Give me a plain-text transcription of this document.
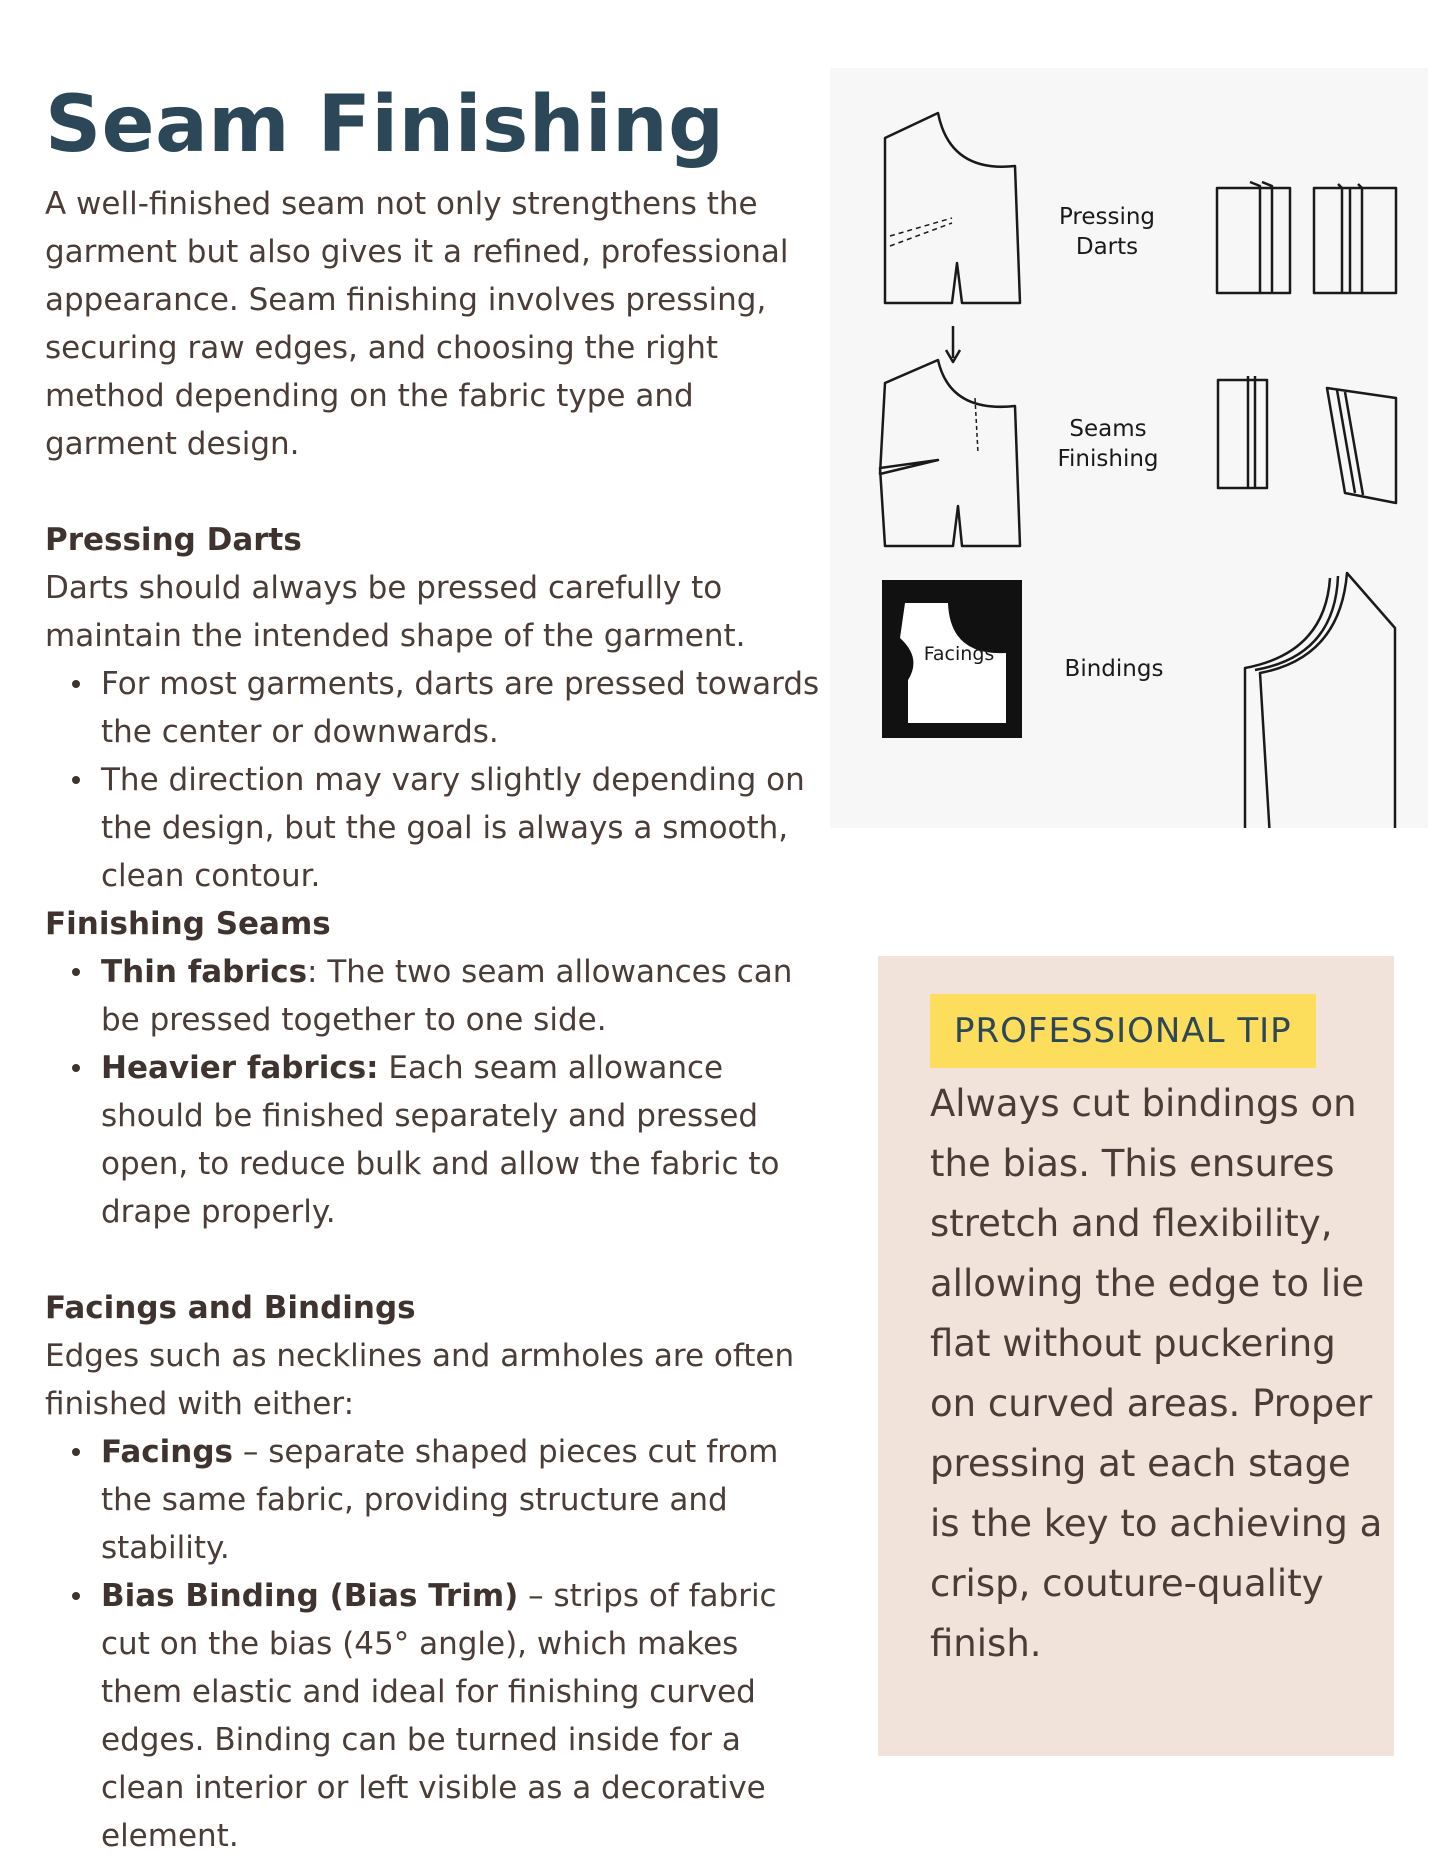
Seam Finishing

A well-finished seam not only strengthens the garment but also gives it a refined, professional appearance. Seam finishing involves pressing, securing raw edges, and choosing the right method depending on the fabric type and garment design.

Pressing Darts

Darts should always be pressed carefully to maintain the intended shape of the garment.

For most garments, darts are pressed towards the center or downwards.
The direction may vary slightly depending on the design, but the goal is always a smooth, clean contour.
Finishing Seams
Thin fabrics: The two seam allowances can be pressed together to one side.
Heavier fabrics: Each seam allowance should be finished separately and pressed open, to reduce bulk and allow the fabric to drape properly.
Facings and Bindings

Edges such as necklines and armholes are often finished with either:

Facings – separate shaped pieces cut from the same fabric, providing structure and stability.
Bias Binding (Bias Trim) – strips of fabric cut on the bias (45° angle), which makes them elastic and ideal for finishing curved edges. Binding can be turned inside for a clean interior or left visible as a decorative element.
Pressing
Darts
Seams
Finishing
Bindings
Facings
PROFESSIONAL TIP
Always cut bindings on the bias. This ensures stretch and flexibility, allowing the edge to lie flat without puckering on curved areas. Proper pressing at each stage is the key to achieving a crisp, couture-quality finish.
